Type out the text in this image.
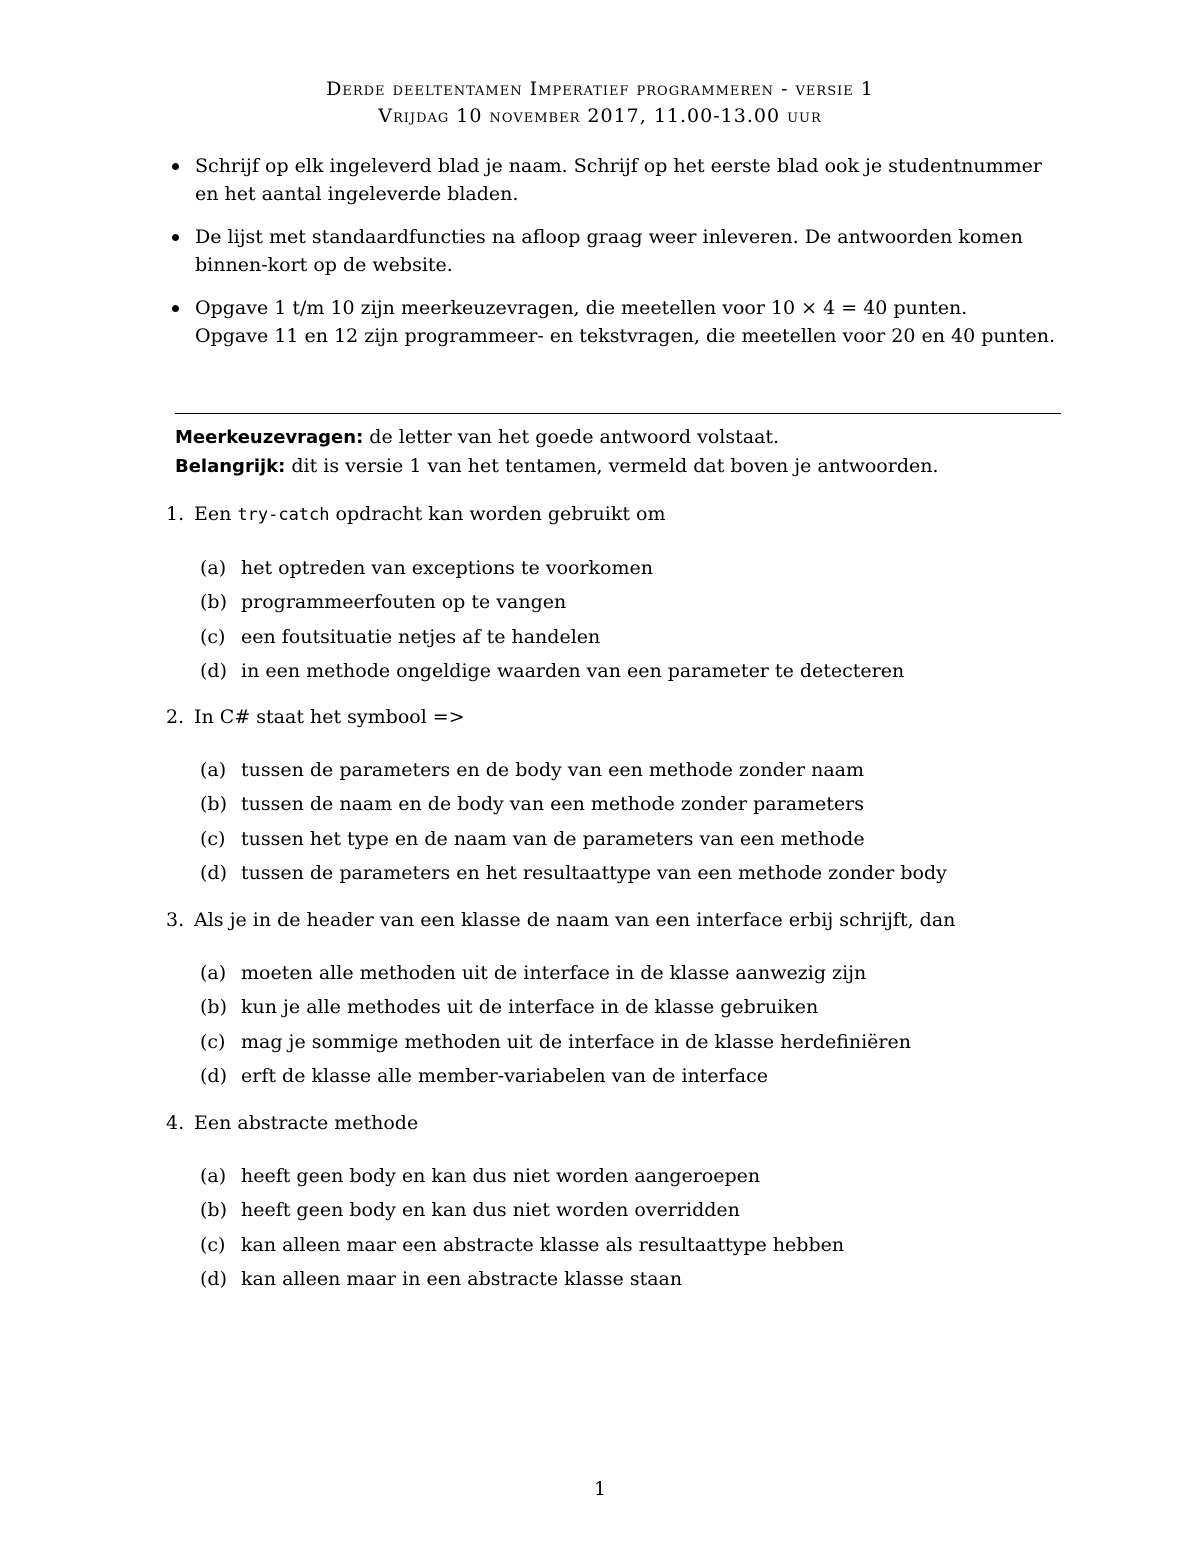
Derde deeltentamen Imperatief programmeren - versie 1
Vrijdag 10 november 2017, 11.00-13.00 uur
Schrijf op elk ingeleverd blad je naam. Schrijf op het eerste blad ook je studentnummer en het aantal ingeleverde bladen.
De lijst met standaardfuncties na afloop graag weer inleveren. De antwoorden komen binnen-kort op de website.
Opgave 1 t/m 10 zijn meerkeuzevragen, die meetellen voor 10 × 4 = 40 punten.
Opgave 11 en 12 zijn programmeer- en tekstvragen, die meetellen voor 20 en 40 punten.
Meerkeuzevragen: de letter van het goede antwoord volstaat.
Belangrijk: dit is versie 1 van het tentamen, vermeld dat boven je antwoorden.
1. Een try-catch opdracht kan worden gebruikt om
(a) het optreden van exceptions te voorkomen
(b) programmeerfouten op te vangen
(c) een foutsituatie netjes af te handelen
(d) in een methode ongeldige waarden van een parameter te detecteren
2. In C# staat het symbool =>
(a) tussen de parameters en de body van een methode zonder naam
(b) tussen de naam en de body van een methode zonder parameters
(c) tussen het type en de naam van de parameters van een methode
(d) tussen de parameters en het resultaattype van een methode zonder body
3. Als je in de header van een klasse de naam van een interface erbij schrijft, dan
(a) moeten alle methoden uit de interface in de klasse aanwezig zijn
(b) kun je alle methodes uit de interface in de klasse gebruiken
(c) mag je sommige methoden uit de interface in de klasse herdefiniëren
(d) erft de klasse alle member-variabelen van de interface
4. Een abstracte methode
(a) heeft geen body en kan dus niet worden aangeroepen
(b) heeft geen body en kan dus niet worden overridden
(c) kan alleen maar een abstracte klasse als resultaattype hebben
(d) kan alleen maar in een abstracte klasse staan
1
